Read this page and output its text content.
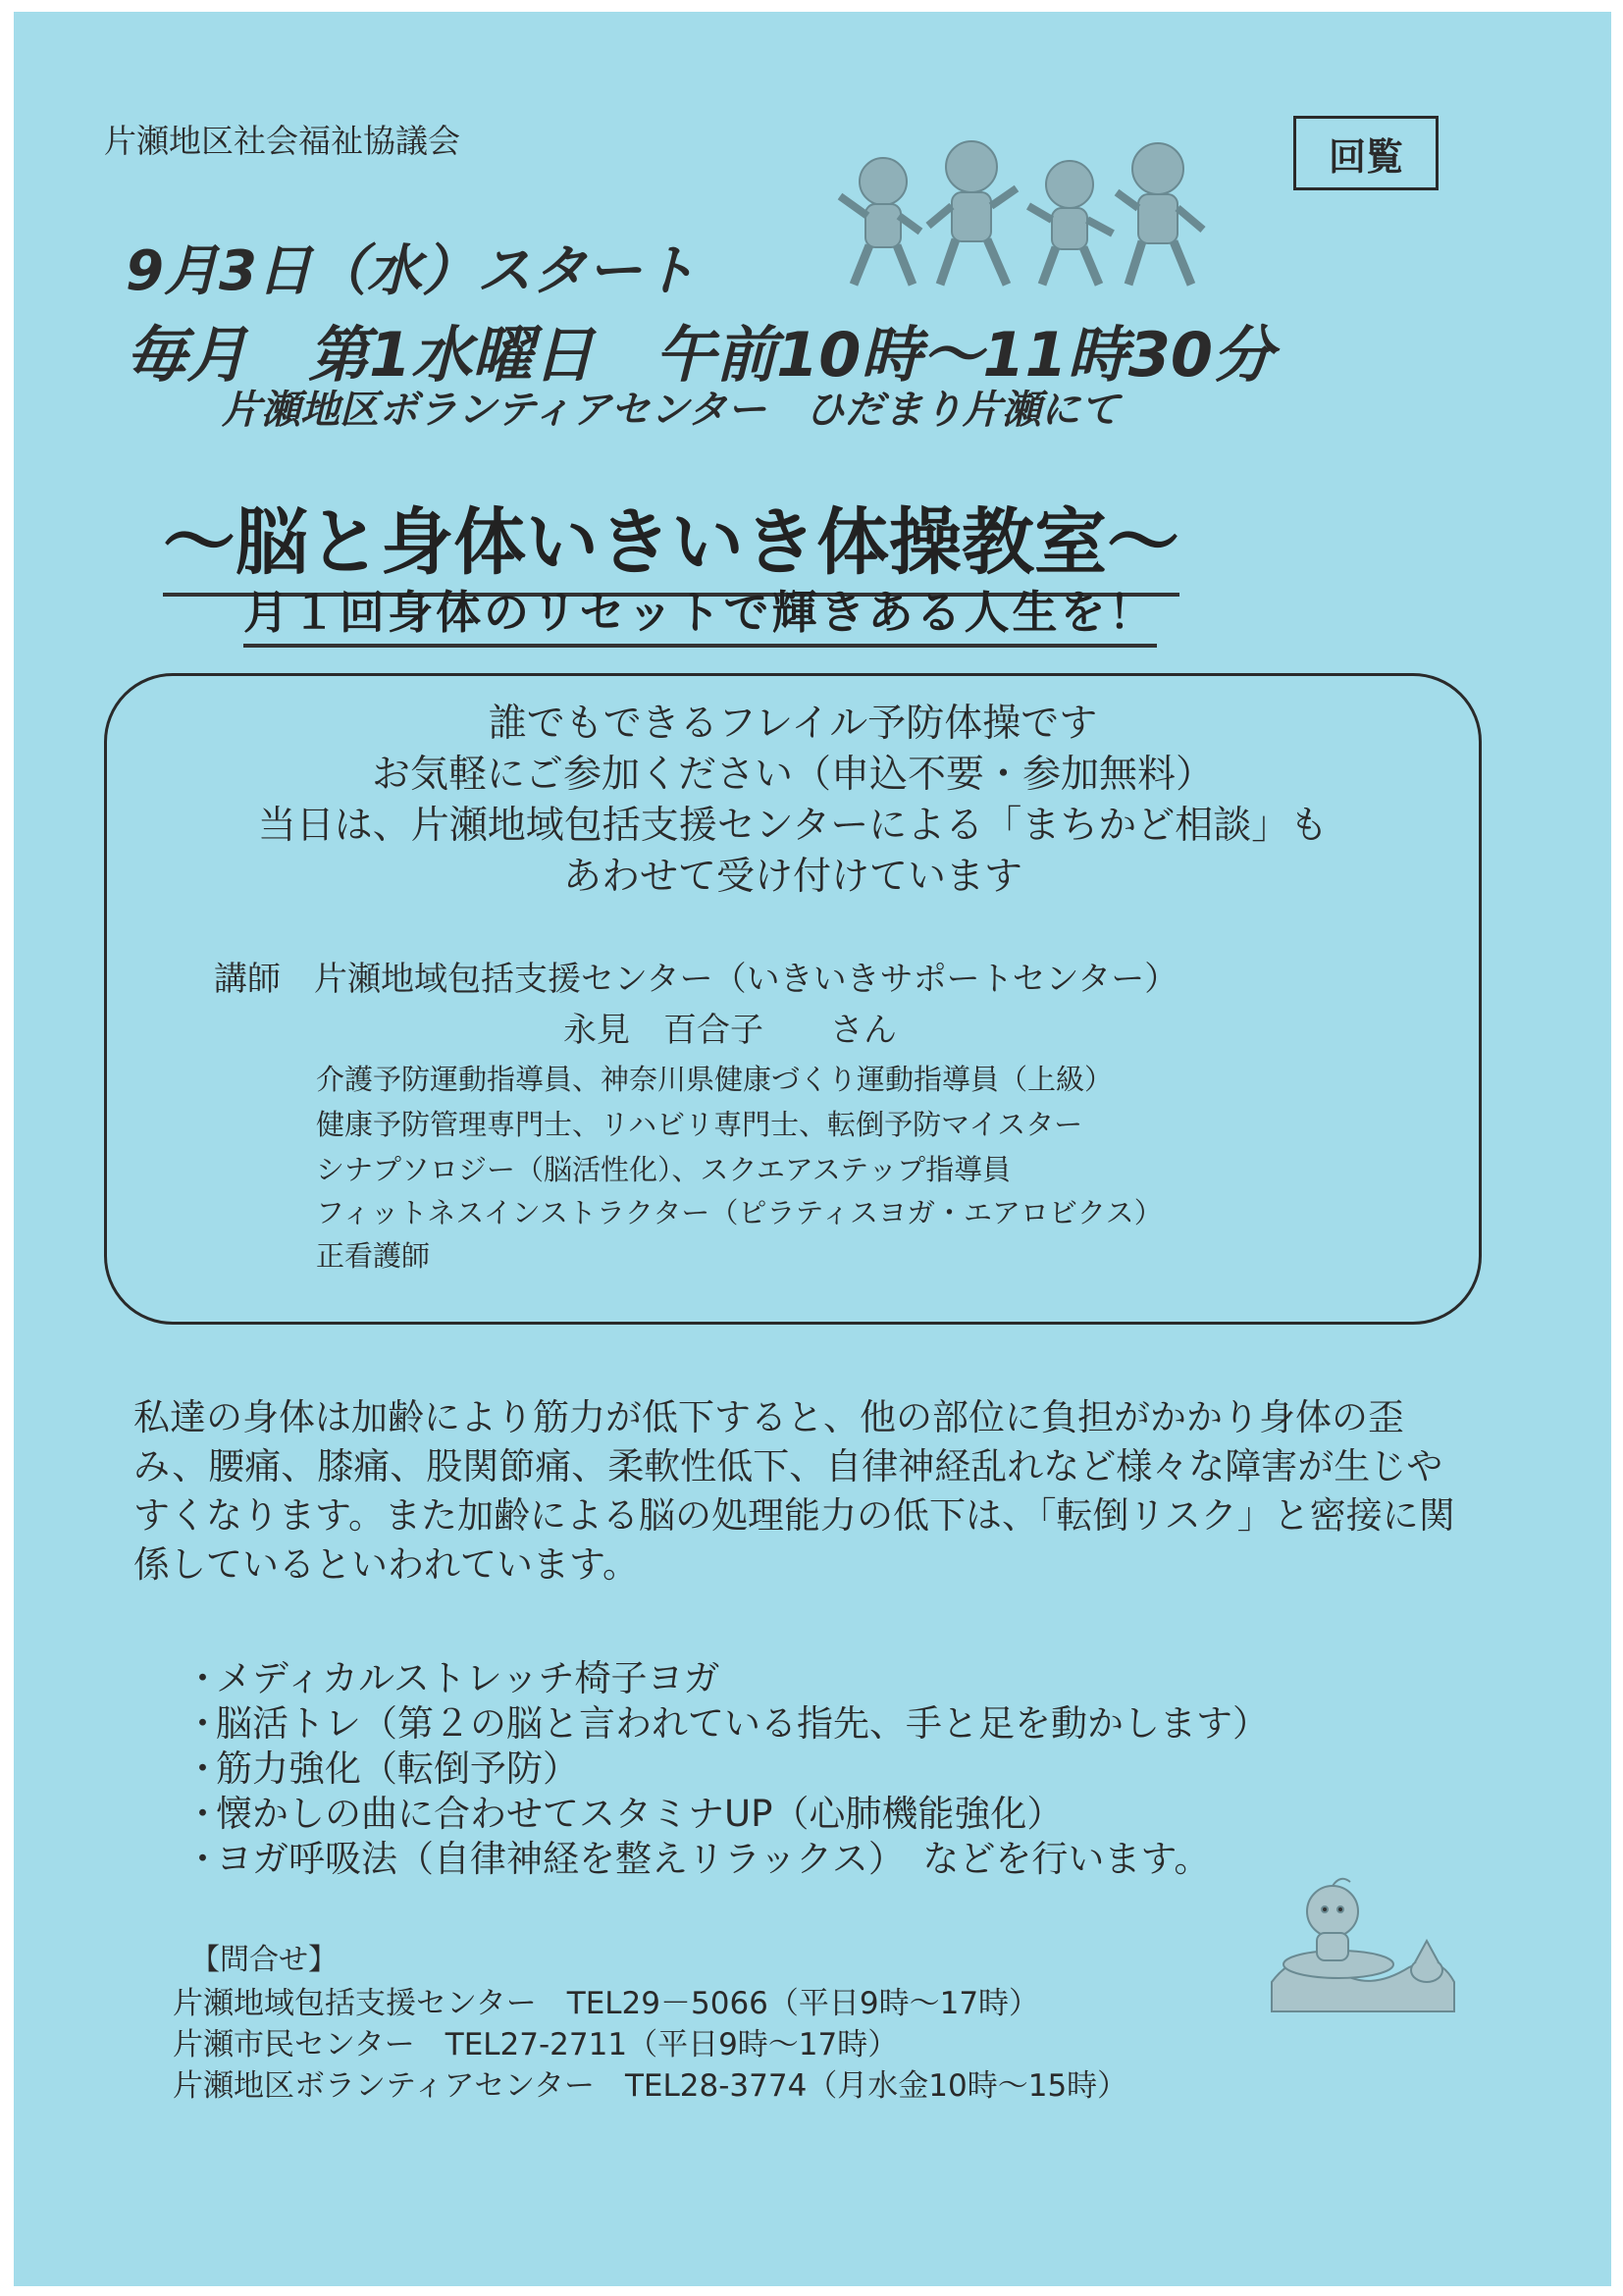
片瀬地区社会福祉協議会	回覧
9月3日（水）スタート
毎月　第1水曜日　午前10時～11時30分
片瀬地区ボランティアセンター　ひだまり片瀬にて
～脳と身体いきいき体操教室～
月１回身体のリセットで輝きある人生を！
誰でもできるフレイル予防体操です
お気軽にご参加ください（申込不要・参加無料）
当日は、片瀬地域包括支援センターによる「まちかど相談」も
あわせて受け付けています
講師　片瀬地域包括支援センター（いきいきサポートセンター）
永見　百合子　　さん
介護予防運動指導員、神奈川県健康づくり運動指導員（上級）
健康予防管理専門士、リハビリ専門士、転倒予防マイスター
シナプソロジー（脳活性化）、スクエアステップ指導員
フィットネスインストラクター（ピラティスヨガ・エアロビクス）
正看護師
私達の身体は加齢により筋力が低下すると、他の部位に負担がかかり身体の歪み、腰痛、膝痛、股関節痛、柔軟性低下、自律神経乱れなど様々な障害が生じやすくなります。また加齢による脳の処理能力の低下は、「転倒リスク」と密接に関係しているといわれています。
・メディカルストレッチ椅子ヨガ
・脳活トレ（第２の脳と言われている指先、手と足を動かします）
・筋力強化（転倒予防）
・懐かしの曲に合わせてスタミナUP（心肺機能強化）
・ヨガ呼吸法（自律神経を整えリラックス）　などを行います。
【問合せ】
片瀬地域包括支援センター　TEL29－5066（平日9時～17時）
片瀬市民センター　TEL27-2711（平日9時～17時）
片瀬地区ボランティアセンター　TEL28-3774（月水金10時～15時）
